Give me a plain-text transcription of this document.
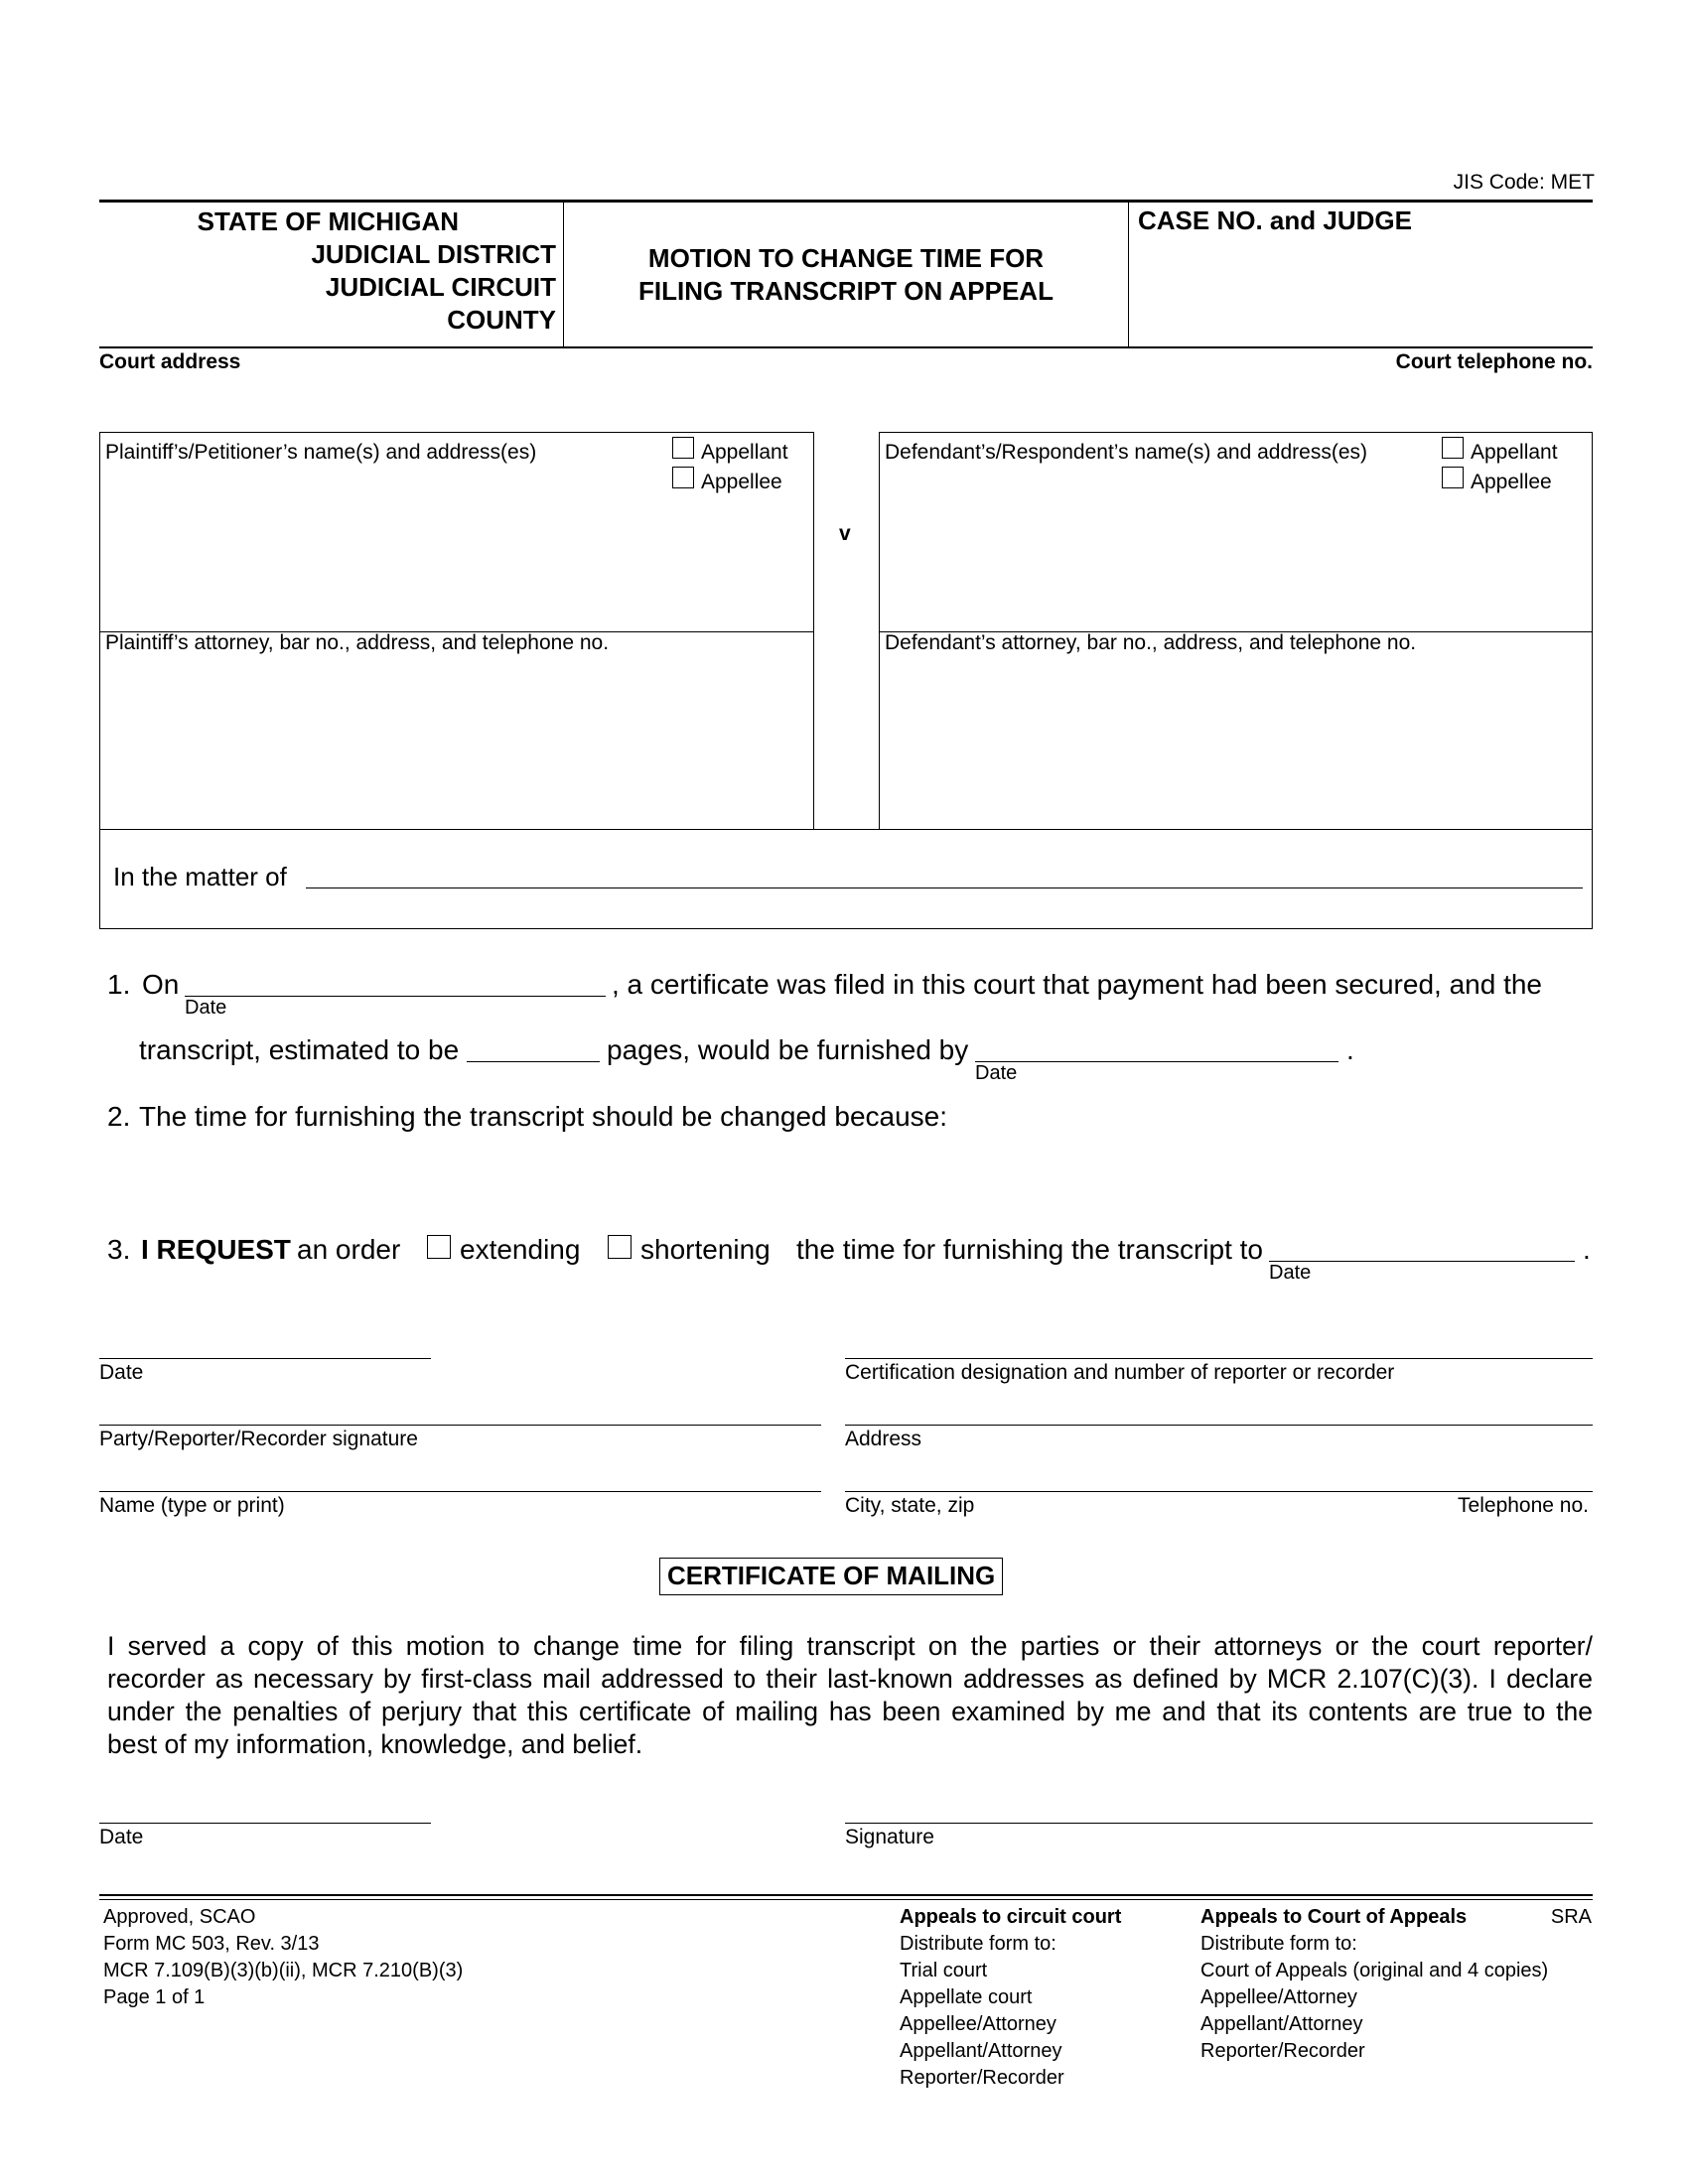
JIS Code: MET
STATE OF MICHIGAN
JUDICIAL DISTRICT
JUDICIAL CIRCUIT
COUNTY
MOTION TO CHANGE TIME FOR
FILING TRANSCRIPT ON APPEAL
CASE NO. and JUDGE
Court address	Court telephone no.
Plaintiff’s/Petitioner’s name(s) and address(es)	Appellant
Appellee
v
Defendant’s/Respondent’s name(s) and address(es)	Appellant
Appellee
Plaintiff’s attorney, bar no., address, and telephone no.	Defendant’s attorney, bar no., address, and telephone no.
In the matter of
1. On
Date
, a certificate was filed in this court that payment had been secured, and the
transcript, estimated to be	pages, would be furnished by
Date
.
2. The time for furnishing the transcript should be changed because:
3. I REQUEST an order extending shortening the time for furnishing the transcript to
Date
.
Date	Certification designation and number of reporter or recorder
Party/Reporter/Recorder signature	Address
Name (type or print)	City, state, zip	Telephone no.
CERTIFICATE OF MAILING
I served a copy of this motion to change time for filing transcript on the parties or their attorneys or the court reporter/
recorder as necessary by first-class mail addressed to their last-known addresses as defined by MCR 2.107(C)(3). I declare
under the penalties of perjury that this certificate of mailing has been examined by me and that its contents are true to the
best of my information, knowledge, and belief.
Date	Signature
Approved, SCAO
Form MC 503, Rev. 3/13
MCR 7.109(B)(3)(b)(ii), MCR 7.210(B)(3)
Page 1 of 1
Appeals to circuit court
Distribute form to:
Trial court
Appellate court
Appellee/Attorney
Appellant/Attorney
Reporter/Recorder
Appeals to Court of Appeals
Distribute form to:
Court of Appeals (original and 4 copies)
Appellee/Attorney
Appellant/Attorney
Reporter/Recorder
SRA
